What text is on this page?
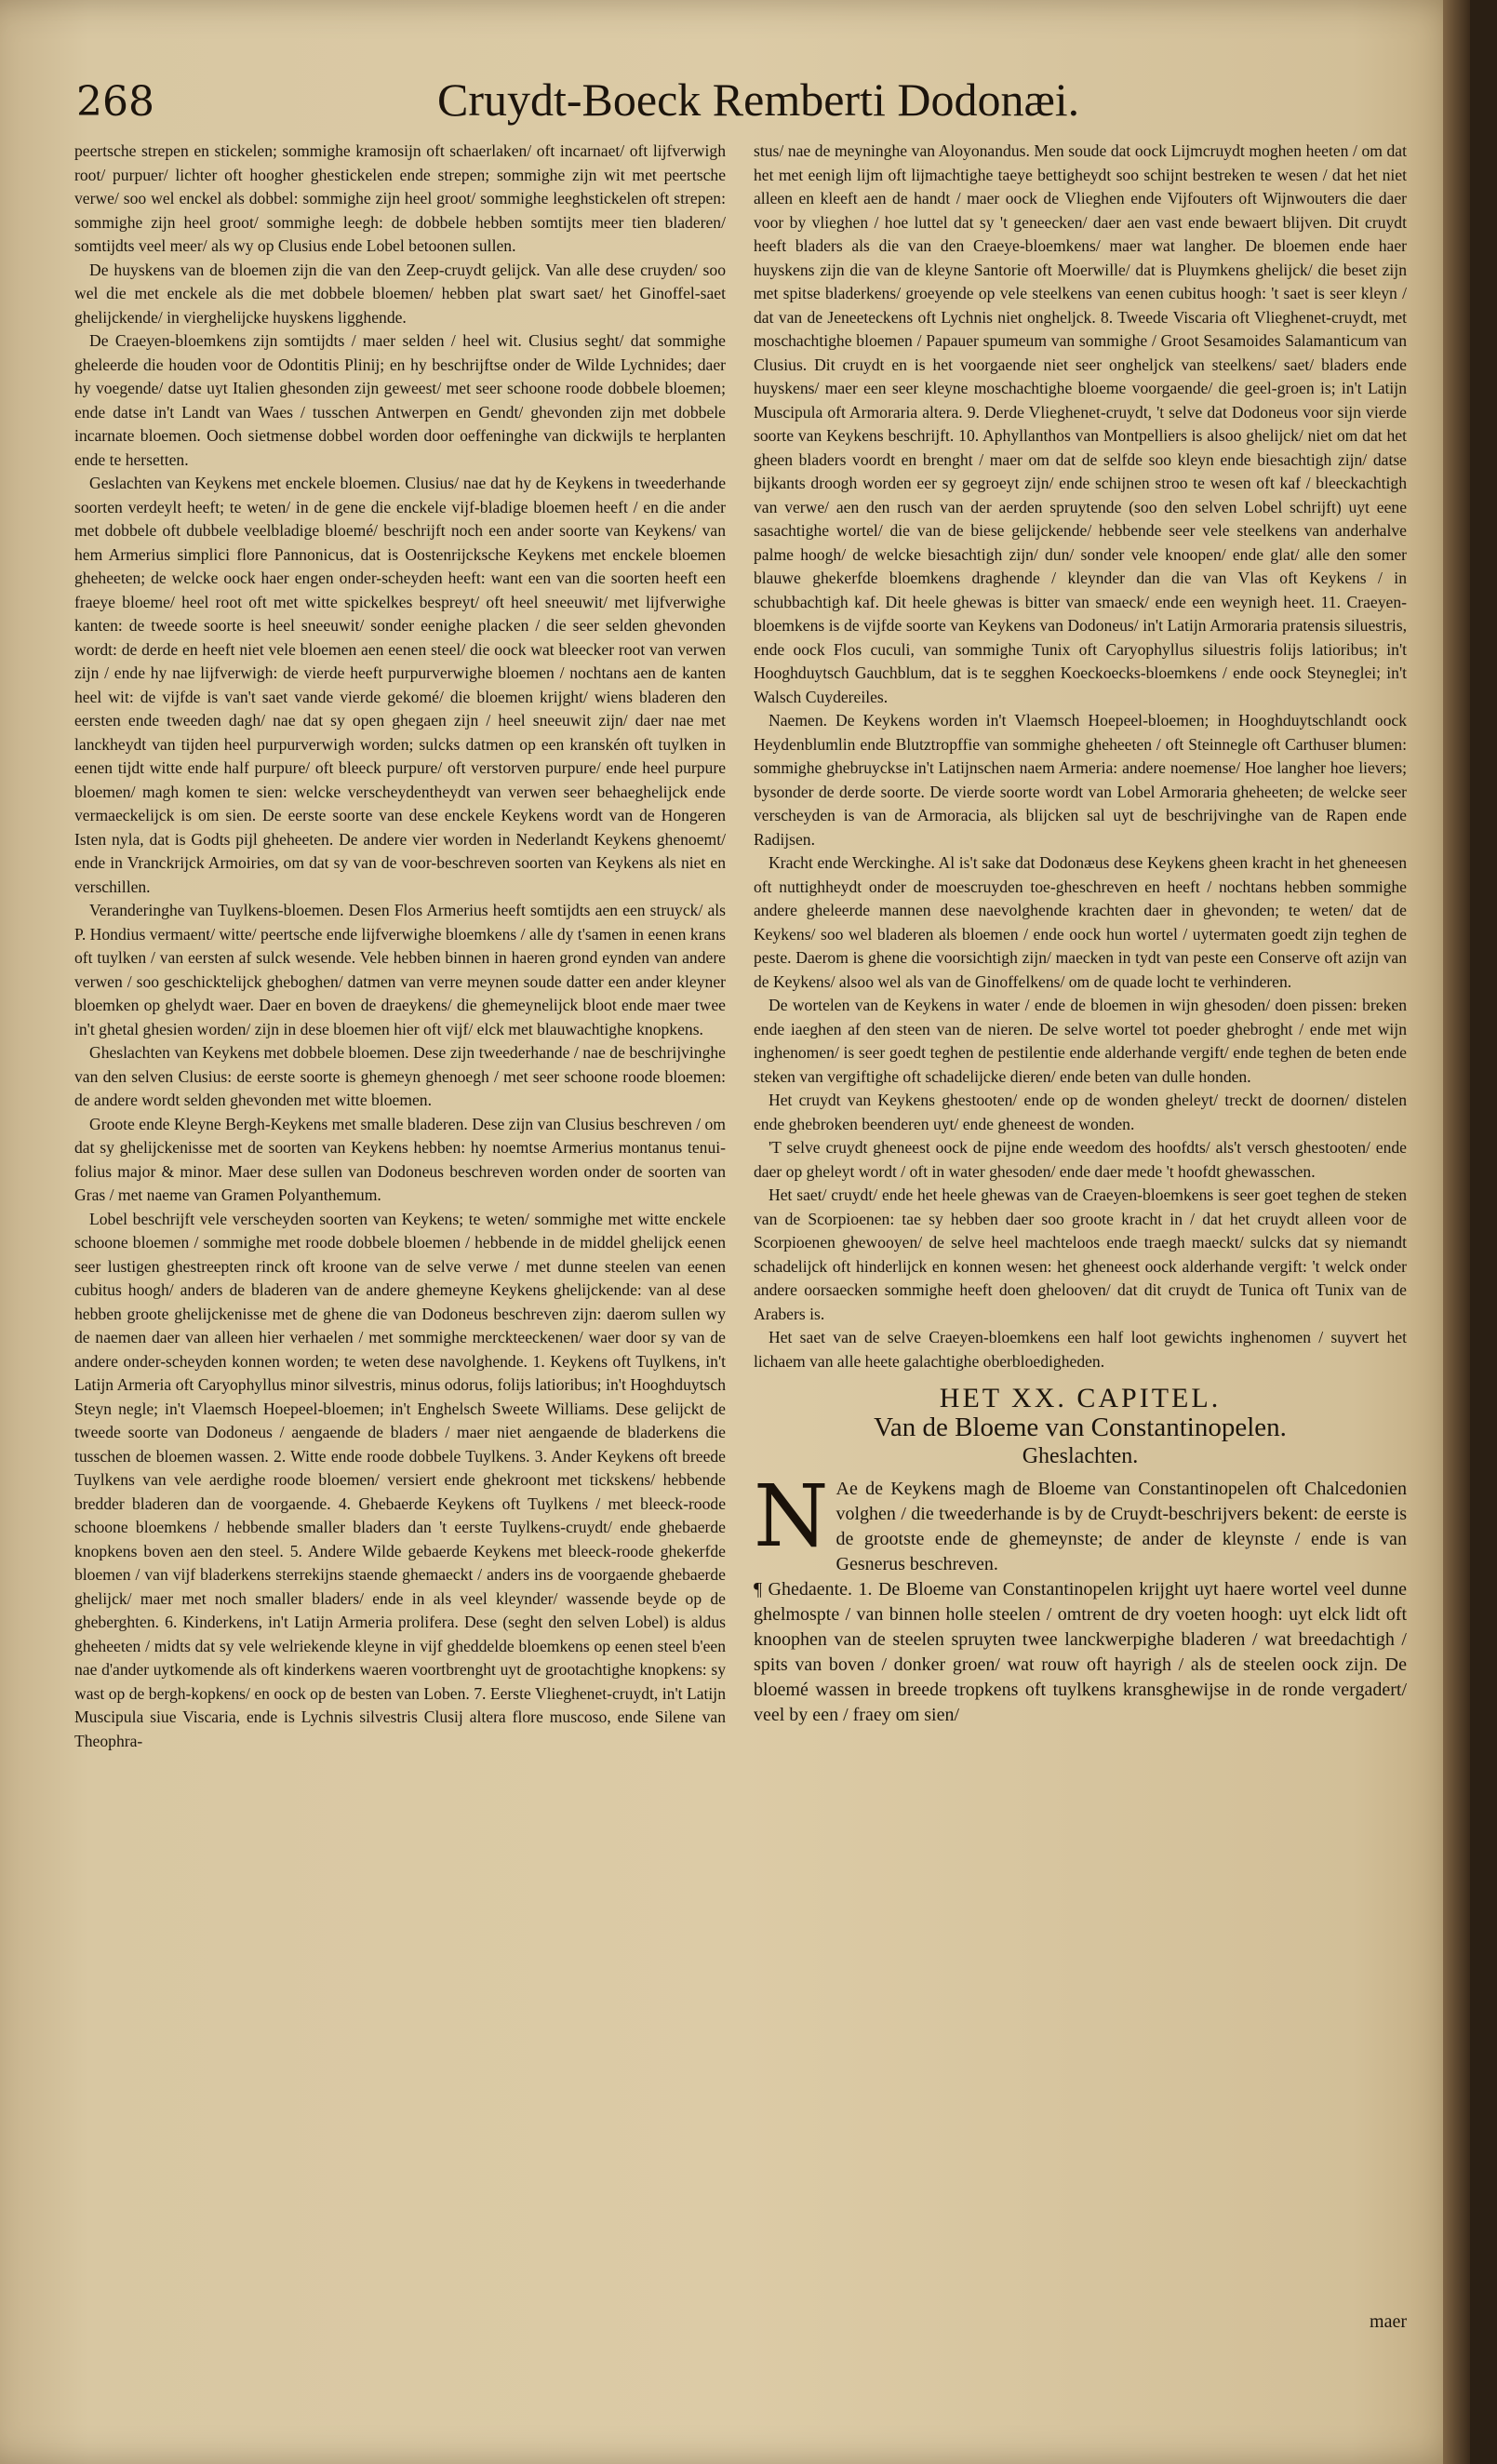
268	Cruydt-Boeck Remberti Dodonæi.

peertsche strepen en stickelen; sommighe kramosijn oft schaerlaken/ oft incarnaet/ oft lijfverwigh root/ purpuer/ lichter oft hoogher ghestickelen ende strepen; sommighe zijn wit met peertsche verwe/ soo wel enckel als dobbel: sommighe zijn heel groot/ sommighe leeghstickelen oft strepen: sommighe zijn heel groot/ sommighe leegh: de dobbele hebben somtijts meer tien bladeren/ somtijdts veel meer/ als wy op Clusius ende Lobel betoonen sullen.

De huyskens van de bloemen zijn die van den Zeep-cruydt gelijck. Van alle dese cruyden/ soo wel die met enckele als die met dobbele bloemen/ hebben plat swart saet/ het Ginoffel-saet ghelijckende/ in vierghelijcke huyskens ligghende.

De Craeyen-bloemkens zijn somtijdts / maer selden / heel wit. Clusius seght/ dat sommighe gheleerde die houden voor de Odontitis Plinij; en hy beschrijftse onder de Wilde Lychnides; daer hy voegende/ datse uyt Italien ghesonden zijn geweest/ met seer schoone roode dobbele bloemen; ende datse in't Landt van Waes / tusschen Antwerpen en Gendt/ ghevonden zijn met dobbele incarnate bloemen. Ooch sietmense dobbel worden door oeffeninghe van dickwijls te herplanten ende te hersetten.

Geslachten van Keykens met enckele bloemen. Clusius/ nae dat hy de Keykens in tweederhande soorten verdeylt heeft; te weten/ in de gene die enckele vijf-bladige bloemen heeft / en die ander met dobbele oft dubbele veelbladige bloemé/ beschrijft noch een ander soorte van Keykens/ van hem Armerius simplici flore Pannonicus, dat is Oostenrijcksche Keykens met enckele bloemen gheheeten; de welcke oock haer engen onder-scheyden heeft: want een van die soorten heeft een fraeye bloeme/ heel root oft met witte spickelkes bespreyt/ oft heel sneeuwit/ met lijfverwighe kanten: de tweede soorte is heel sneeuwit/ sonder eenighe placken / die seer selden ghevonden wordt: de derde en heeft niet vele bloemen aen eenen steel/ die oock wat bleecker root van verwen zijn / ende hy nae lijfverwigh: de vierde heeft purpurverwighe bloemen / nochtans aen de kanten heel wit: de vijfde is van't saet vande vierde gekomé/ die bloemen krijght/ wiens bladeren den eersten ende tweeden dagh/ nae dat sy open ghegaen zijn / heel sneeuwit zijn/ daer nae met lanckheydt van tijden heel purpurverwigh worden; sulcks datmen op een kranskén oft tuylken in eenen tijdt witte ende half purpure/ oft bleeck purpure/ oft verstorven purpure/ ende heel purpure bloemen/ magh komen te sien: welcke verscheydentheydt van verwen seer behaeghelijck ende vermaeckelijck is om sien. De eerste soorte van dese enckele Keykens wordt van de Hongeren Isten nyla, dat is Godts pijl gheheeten. De andere vier worden in Nederlandt Keykens ghenoemt/ ende in Vranckrijck Armoiries, om dat sy van de voor-beschreven soorten van Keykens als niet en verschillen.

Veranderinghe van Tuylkens-bloemen. Desen Flos Armerius heeft somtijdts aen een struyck/ als P. Hondius vermaent/ witte/ peertsche ende lijfverwighe bloemkens / alle dy t'samen in eenen krans oft tuylken / van eersten af sulck wesende. Vele hebben binnen in haeren grond eynden van andere verwen / soo geschicktelijck gheboghen/ datmen van verre meynen soude datter een ander kleyner bloemken op ghelydt waer. Daer en boven de draeykens/ die ghemeynelijck bloot ende maer twee in't ghetal ghesien worden/ zijn in dese bloemen hier oft vijf/ elck met blauwachtighe knopkens.

Gheslachten van Keykens met dobbele bloemen. Dese zijn tweederhande / nae de beschrijvinghe van den selven Clusius: de eerste soorte is ghemeyn ghenoegh / met seer schoone roode bloemen: de andere wordt selden ghevonden met witte bloemen.

Groote ende Kleyne Bergh-Keykens met smalle bladeren. Dese zijn van Clusius beschreven / om dat sy ghelijckenisse met de soorten van Keykens hebben: hy noemtse Armerius montanus tenui-folius major & minor. Maer dese sullen van Dodoneus beschreven worden onder de soorten van Gras / met naeme van Gramen Polyanthemum.

Lobel beschrijft vele verscheyden soorten van Keykens; te weten/ sommighe met witte enckele schoone bloemen / sommighe met roode dobbele bloemen / hebbende in de middel ghelijck eenen seer lustigen ghestreepten rinck oft kroone van de selve verwe / met dunne steelen van eenen cubitus hoogh/ anders de bladeren van de andere ghemeyne Keykens ghelijckende: van al dese hebben groote ghelijckenisse met de ghene die van Dodoneus beschreven zijn: daerom sullen wy de naemen daer van alleen hier verhaelen / met sommighe merckteeckenen/ waer door sy van de andere onder-scheyden konnen worden; te weten dese navolghende. 1. Keykens oft Tuylkens, in't Latijn Armeria oft Caryophyllus minor silvestris, minus odorus, folijs latioribus; in't Hooghduytsch Steyn negle; in't Vlaemsch Hoepeel-bloemen; in't Enghelsch Sweete Williams. Dese gelijckt de tweede soorte van Dodoneus / aengaende de bladers / maer niet aengaende de bladerkens die tusschen de bloemen wassen. 2. Witte ende roode dobbele Tuylkens. 3. Ander Keykens oft breede Tuylkens van vele aerdighe roode bloemen/ versiert ende ghekroont met tickskens/ hebbende bredder bladeren dan de voorgaende. 4. Ghebaerde Keykens oft Tuylkens / met bleeck-roode schoone bloemkens / hebbende smaller bladers dan 't eerste Tuylkens-cruydt/ ende ghebaerde knopkens boven aen den steel. 5. Andere Wilde gebaerde Keykens met bleeck-roode ghekerfde bloemen / van vijf bladerkens sterrekijns staende ghemaeckt / anders ins de voorgaende ghebaerde ghelijck/ maer met noch smaller bladers/ ende in als veel kleynder/ wassende beyde op de gheberghten. 6. Kinderkens, in't Latijn Armeria prolifera. Dese (seght den selven Lobel) is aldus gheheeten / midts dat sy vele welriekende kleyne in vijf gheddelde bloemkens op eenen steel b'een nae d'ander uytkomende als oft kinderkens waeren voortbrenght uyt de grootachtighe knopkens: sy wast op de bergh-kopkens/ en oock op de besten van Loben. 7. Eerste Vlieghenet-cruydt, in't Latijn Muscipula siue Viscaria, ende is Lychnis silvestris Clusij altera flore muscoso, ende Silene van Theophra-

stus/ nae de meyninghe van Aloyonandus. Men soude dat oock Lijmcruydt moghen heeten / om dat het met eenigh lijm oft lijmachtighe taeye bettigheydt soo schijnt bestreken te wesen / dat het niet alleen en kleeft aen de handt / maer oock de Vlieghen ende Vijfouters oft Wijnwouters die daer voor by vlieghen / hoe luttel dat sy 't geneecken/ daer aen vast ende bewaert blijven. Dit cruydt heeft bladers als die van den Craeye-bloemkens/ maer wat langher. De bloemen ende haer huyskens zijn die van de kleyne Santorie oft Moerwille/ dat is Pluymkens ghelijck/ die beset zijn met spitse bladerkens/ groeyende op vele steelkens van eenen cubitus hoogh: 't saet is seer kleyn / dat van de Jeneeteckens oft Lychnis niet ongheljck. 8. Tweede Viscaria oft Vlieghenet-cruydt, met moschachtighe bloemen / Papauer spumeum van sommighe / Groot Sesamoides Salamanticum van Clusius. Dit cruydt en is het voorgaende niet seer ongheljck van steelkens/ saet/ bladers ende huyskens/ maer een seer kleyne moschachtighe bloeme voorgaende/ die geel-groen is; in't Latijn Muscipula oft Armoraria altera. 9. Derde Vlieghenet-cruydt, 't selve dat Dodoneus voor sijn vierde soorte van Keykens beschrijft. 10. Aphyllanthos van Montpelliers is alsoo ghelijck/ niet om dat het gheen bladers voordt en brenght / maer om dat de selfde soo kleyn ende biesachtigh zijn/ datse bijkants droogh worden eer sy gegroeyt zijn/ ende schijnen stroo te wesen oft kaf / bleeckachtigh van verwe/ aen den rusch van der aerden spruytende (soo den selven Lobel schrijft) uyt eene sasachtighe wortel/ die van de biese gelijckende/ hebbende seer vele steelkens van anderhalve palme hoogh/ de welcke biesachtigh zijn/ dun/ sonder vele knoopen/ ende glat/ alle den somer blauwe ghekerfde bloemkens draghende / kleynder dan die van Vlas oft Keykens / in schubbachtigh kaf. Dit heele ghewas is bitter van smaeck/ ende een weynigh heet. 11. Craeyen-bloemkens is de vijfde soorte van Keykens van Dodoneus/ in't Latijn Armoraria pratensis siluestris, ende oock Flos cuculi, van sommighe Tunix oft Caryophyllus siluestris folijs latioribus; in't Hooghduytsch Gauchblum, dat is te segghen Koeckoecks-bloemkens / ende oock Steyneglei; in't Walsch Cuydereiles.

Naemen. De Keykens worden in't Vlaemsch Hoepeel-bloemen; in Hooghduytschlandt oock Heydenblumlin ende Blutztropffie van sommighe gheheeten / oft Steinnegle oft Carthuser blumen: sommighe ghebruyckse in't Latijnschen naem Armeria: andere noemense/ Hoe langher hoe lievers; bysonder de derde soorte. De vierde soorte wordt van Lobel Armoraria gheheeten; de welcke seer verscheyden is van de Armoracia, als blijcken sal uyt de beschrijvinghe van de Rapen ende Radijsen.

Kracht ende Werckinghe. Al is't sake dat Dodonæus dese Keykens gheen kracht in het gheneesen oft nuttighheydt onder de moescruyden toe-gheschreven en heeft / nochtans hebben sommighe andere gheleerde mannen dese naevolghende krachten daer in ghevonden; te weten/ dat de Keykens/ soo wel bladeren als bloemen / ende oock hun wortel / uytermaten goedt zijn teghen de peste. Daerom is ghene die voorsichtigh zijn/ maecken in tydt van peste een Conserve oft azijn van de Keykens/ alsoo wel als van de Ginoffelkens/ om de quade locht te verhinderen.

De wortelen van de Keykens in water / ende de bloemen in wijn ghesoden/ doen pissen: breken ende iaeghen af den steen van de nieren. De selve wortel tot poeder ghebroght / ende met wijn inghenomen/ is seer goedt teghen de pestilentie ende alderhande vergift/ ende teghen de beten ende steken van vergiftighe oft schadelijcke dieren/ ende beten van dulle honden.

Het cruydt van Keykens ghestooten/ ende op de wonden gheleyt/ treckt de doornen/ distelen ende ghebroken beenderen uyt/ ende gheneest de wonden.

'T selve cruydt gheneest oock de pijne ende weedom des hoofdts/ als't versch ghestooten/ ende daer op gheleyt wordt / oft in water ghesoden/ ende daer mede 't hoofdt ghewasschen.

Het saet/ cruydt/ ende het heele ghewas van de Craeyen-bloemkens is seer goet teghen de steken van de Scorpioenen: tae sy hebben daer soo groote kracht in / dat het cruydt alleen voor de Scorpioenen ghewooyen/ de selve heel machteloos ende traegh maeckt/ sulcks dat sy niemandt schadelijck oft hinderlijck en konnen wesen: het gheneest oock alderhande vergift: 't welck onder andere oorsaecken sommighe heeft doen ghelooven/ dat dit cruydt de Tunica oft Tunix van de Arabers is.

Het saet van de selve Craeyen-bloemkens een half loot gewichts inghenomen / suyvert het lichaem van alle heete galachtighe oberbloedigheden.

HET XX. CAPITEL.
Van de Bloeme van Constantinopelen.
Gheslachten.

N Ae de Keykens magh de Bloeme van Constantinopelen oft Chalcedonien volghen / die tweederhande is by de Cruydt-beschrijvers bekent: de eerste is de grootste ende de ghemeynste; de ander de kleynste / ende is van Gesnerus beschreven.

¶ Ghedaente. 1. De Bloeme van Constantinopelen krijght uyt haere wortel veel dunne ghelmospte / van binnen holle steelen / omtrent de dry voeten hoogh: uyt elck lidt oft knoophen van de steelen spruyten twee lanckwerpighe bladeren / wat breedachtigh / spits van boven / donker groen/ wat rouw oft hayrigh / als de steelen oock zijn. De bloemé wassen in breede tropkens oft tuylkens kransghewijse in de ronde vergadert/ veel by een / fraey om sien/

maer
